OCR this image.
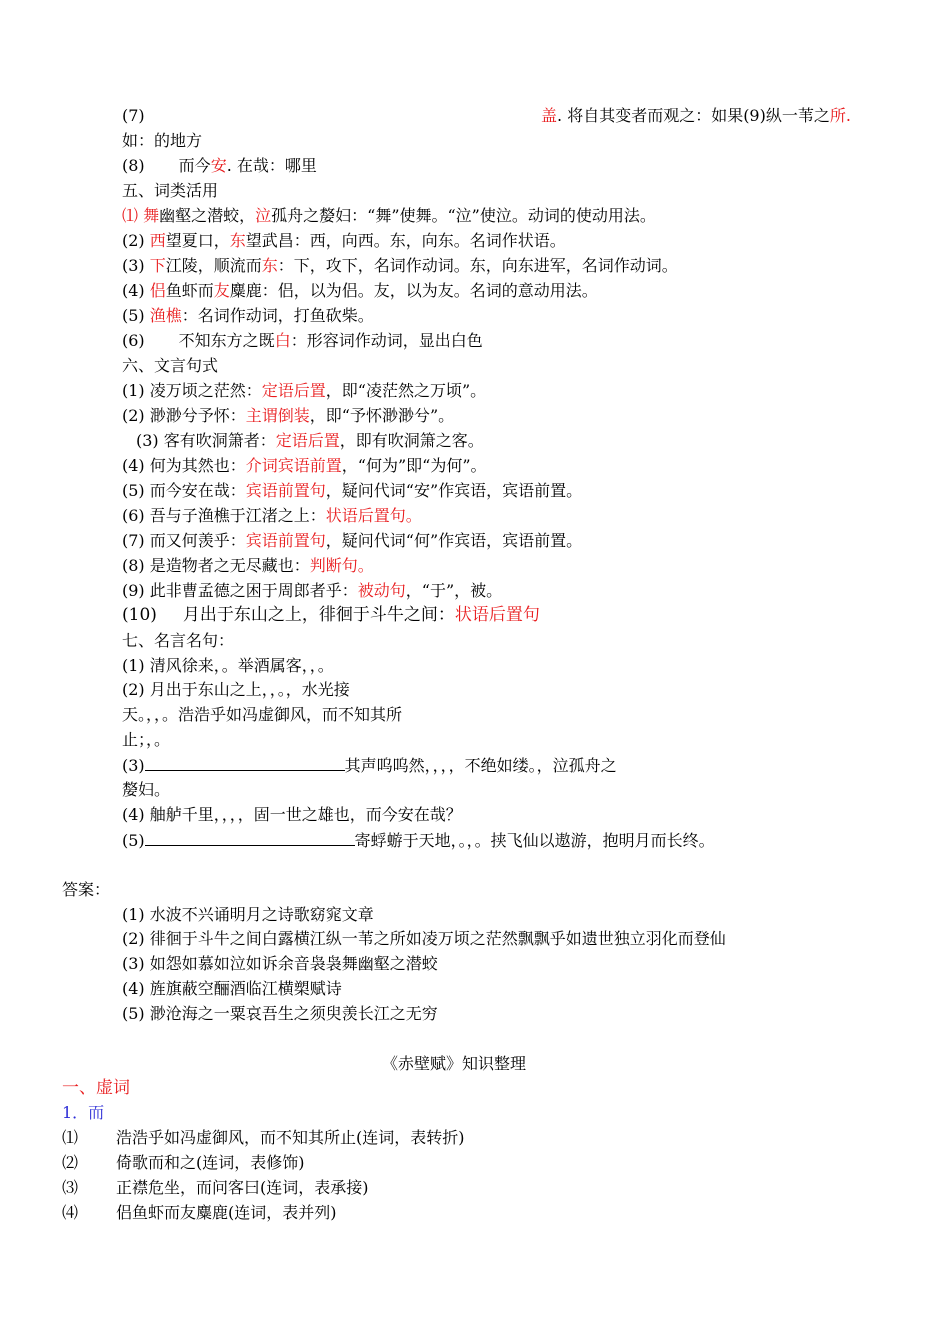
(7)	盖. 将自其变者而观之：如果(9)纵一苇之所.
如：的地方
(8) 而今安. 在哉：哪里
五、词类活用
⑴ 舞幽壑之潜蛟，泣孤舟之嫠妇：“舞”使舞。“泣”使泣。动词的使动用法。
(2) 西望夏口，东望武昌：西，向西。东，向东。名词作状语。
(3) 下江陵，顺流而东：下，攻下，名词作动词。东，向东进军，名词作动词。
(4) 侣鱼虾而友麋鹿：侣，以为侣。友，以为友。名词的意动用法。
(5) 渔樵：名词作动词，打鱼砍柴。
(6) 不知东方之既白：形容词作动词，显出白色
六、文言句式
(1) 凌万顷之茫然：定语后置，即“凌茫然之万顷”。
(2) 渺渺兮予怀：主谓倒装，即“予怀渺渺兮”。
(3) 客有吹洞箫者：定语后置，即有吹洞箫之客。
(4) 何为其然也：介词宾语前置，“何为”即“为何”。
(5) 而今安在哉：宾语前置句，疑问代词“安”作宾语，宾语前置。
(6) 吾与子渔樵于江渚之上：状语后置句。
(7) 而又何羡乎：宾语前置句，疑问代词“何”作宾语，宾语前置。
(8) 是造物者之无尽藏也：判断句。
(9) 此非曹孟德之困于周郎者乎：被动句，“于”，被。
(10) 月出于东山之上，徘徊于斗牛之间：状语后置句
七、名言名句：
(1) 清风徐来，。举酒属客，，。
(2) 月出于东山之上，，。，水光接
天。，，。浩浩乎如冯虚御风，而不知其所
止；，。
(3)	其声呜呜然，，，，不绝如缕。，泣孤舟之
嫠妇。
(4) 舳舻千里，，，，固一世之雄也，而今安在哉？
(5)	寄蜉蝣于天地，。，。挟飞仙以遨游，抱明月而长终。
答案：
(1) 水波不兴诵明月之诗歌窈窕文章
(2) 徘徊于斗牛之间白露横江纵一苇之所如凌万顷之茫然飘飘乎如遗世独立羽化而登仙
(3) 如怨如慕如泣如诉余音袅袅舞幽壑之潜蛟
(4) 旌旗蔽空酾酒临江横槊赋诗
(5) 渺沧海之一粟哀吾生之须臾羡长江之无穷
《赤壁赋》知识整理
一、虚词
1．而
⑴ 浩浩乎如冯虚御风，而不知其所止(连词，表转折)
⑵ 倚歌而和之(连词，表修饰)
⑶ 正襟危坐，而问客曰(连词，表承接)
⑷ 侣鱼虾而友麋鹿(连词，表并列)
